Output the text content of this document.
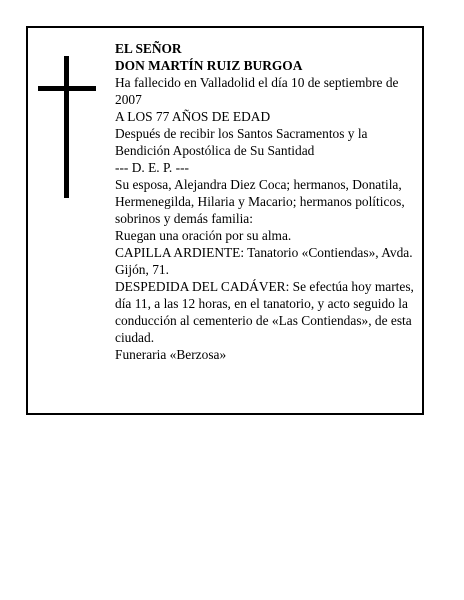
EL SEÑOR

DON MARTÍN RUIZ BURGOA

Ha fallecido en Valladolid el día 10 de septiembre de 2007

A LOS 77 AÑOS DE EDAD

Después de recibir los Santos Sacramentos y la Bendición Apostólica de Su Santidad

--- D. E. P. ---

Su esposa, Alejandra Diez Coca; hermanos, Donatila, Hermenegilda, Hilaria y Macario; hermanos políticos, sobrinos y demás familia:

Ruegan una oración por su alma.

CAPILLA ARDIENTE: Tanatorio «Contiendas», Avda. Gijón, 71.

DESPEDIDA DEL CADÁVER: Se efectúa hoy martes, día 11, a las 12 horas, en el tanatorio, y acto seguido la conducción al cementerio de «Las Contiendas», de esta ciudad.

Funeraria «Berzosa»
